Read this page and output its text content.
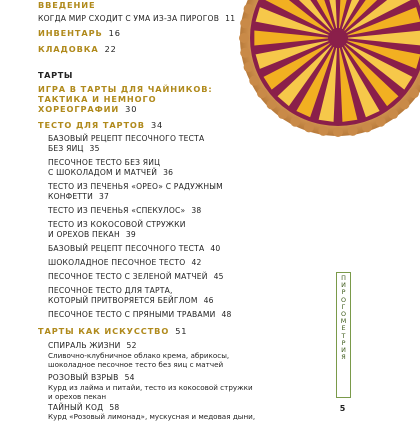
ВВЕДЕНИЕ
КОГДА МИР СХОДИТ С УМА ИЗ-ЗА ПИРОГОВ 11
ИНВЕНТАРЬ 16
КЛАДОВКА 22
ТАРТЫ
ИГРА В ТАРТЫ ДЛЯ ЧАЙНИКОВ:
ТАКТИКА И НЕМНОГО
ХОРЕОГРАФИИ 30
ТЕСТО ДЛЯ ТАРТОВ 34
БАЗОВЫЙ РЕЦЕПТ ПЕСОЧНОГО ТЕСТА
БЕЗ ЯИЦ 35
ПЕСОЧНОЕ ТЕСТО БЕЗ ЯИЦ
С ШОКОЛАДОМ И МАТЧЕЙ 36
ТЕСТО ИЗ ПЕЧЕНЬЯ «ОРЕО» С РАДУЖНЫМ
КОНФЕТТИ 37
ТЕСТО ИЗ ПЕЧЕНЬЯ «СПЕКУЛОС» 38
ТЕСТО ИЗ КОКОСОВОЙ СТРУЖКИ
И ОРЕХОВ ПЕКАН 39
БАЗОВЫЙ РЕЦЕПТ ПЕСОЧНОГО ТЕСТА 40
ШОКОЛАДНОЕ ПЕСОЧНОЕ ТЕСТО 42
ПЕСОЧНОЕ ТЕСТО С ЗЕЛЕНОЙ МАТЧЕЙ 45
ПЕСОЧНОЕ ТЕСТО ДЛЯ ТАРТА,
КОТОРЫЙ ПРИТВОРЯЕТСЯ БЕЙГЛОМ 46
ПЕСОЧНОЕ ТЕСТО С ПРЯНЫМИ ТРАВАМИ 48
ТАРТЫ КАК ИСКУССТВО 51
СПИРАЛЬ ЖИЗНИ 52
Сливочно-клубничное облако крема, абрикосы,
шоколадное песочное тесто без яиц с матчей
РОЗОВЫЙ ВЗРЫВ 54
Курд из лайма и питайи, тесто из кокосовой стружки
и орехов пекан
ТАЙНЫЙ КОД 58
Курд «Розовый лимонад», мускусная и медовая дыни,
П
И
Р
О
Г
О
М
Е
Т
Р
И
Я
5
